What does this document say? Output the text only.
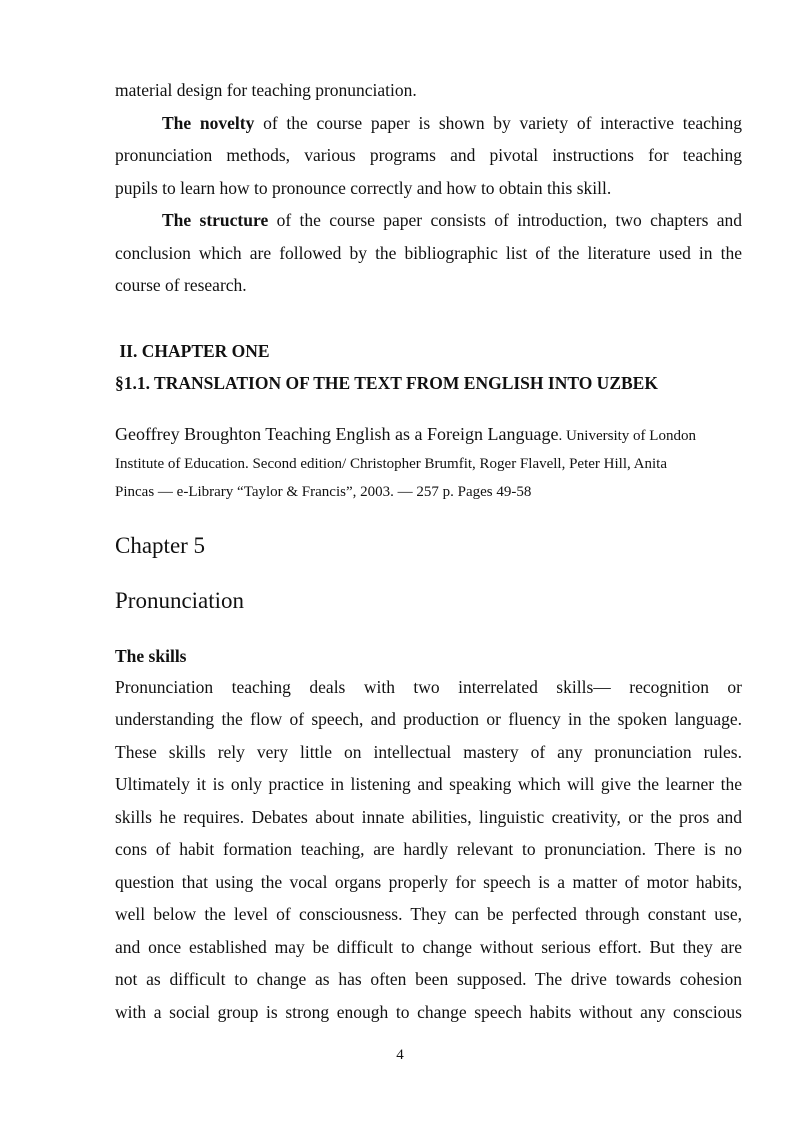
material design for teaching pronunciation.

The novelty of the course paper is shown by variety of interactive teaching

pronunciation methods, various programs and pivotal instructions for teaching

pupils to learn how to pronounce correctly and how to obtain this skill.

The structure of the course paper consists of introduction, two chapters and

conclusion which are followed by the bibliographic list of the literature used in the

course of research.

II. CHAPTER ONE

§1.1. TRANSLATION OF THE TEXT FROM ENGLISH INTO UZBEK

Geoffrey Broughton Teaching English as a Foreign Language. University of London

Institute of Education. Second edition/ Christopher Brumfit, Roger Flavell, Peter Hill, Anita

Pincas — e-Library “Taylor & Francis”, 2003. — 257 p. Pages 49-58

Chapter 5

Pronunciation

The skills

Pronunciation teaching deals with two interrelated skills— recognition or

understanding the flow of speech, and production or fluency in the spoken language.

These skills rely very little on intellectual mastery of any pronunciation rules.

Ultimately it is only practice in listening and speaking which will give the learner the

skills he requires. Debates about innate abilities, linguistic creativity, or the pros and

cons of habit formation teaching, are hardly relevant to pronunciation. There is no

question that using the vocal organs properly for speech is a matter of motor habits,

well below the level of consciousness. They can be perfected through constant use,

and once established may be difficult to change without serious effort. But they are

not as difficult to change as has often been supposed. The drive towards cohesion

with a social group is strong enough to change speech habits without any conscious

4
